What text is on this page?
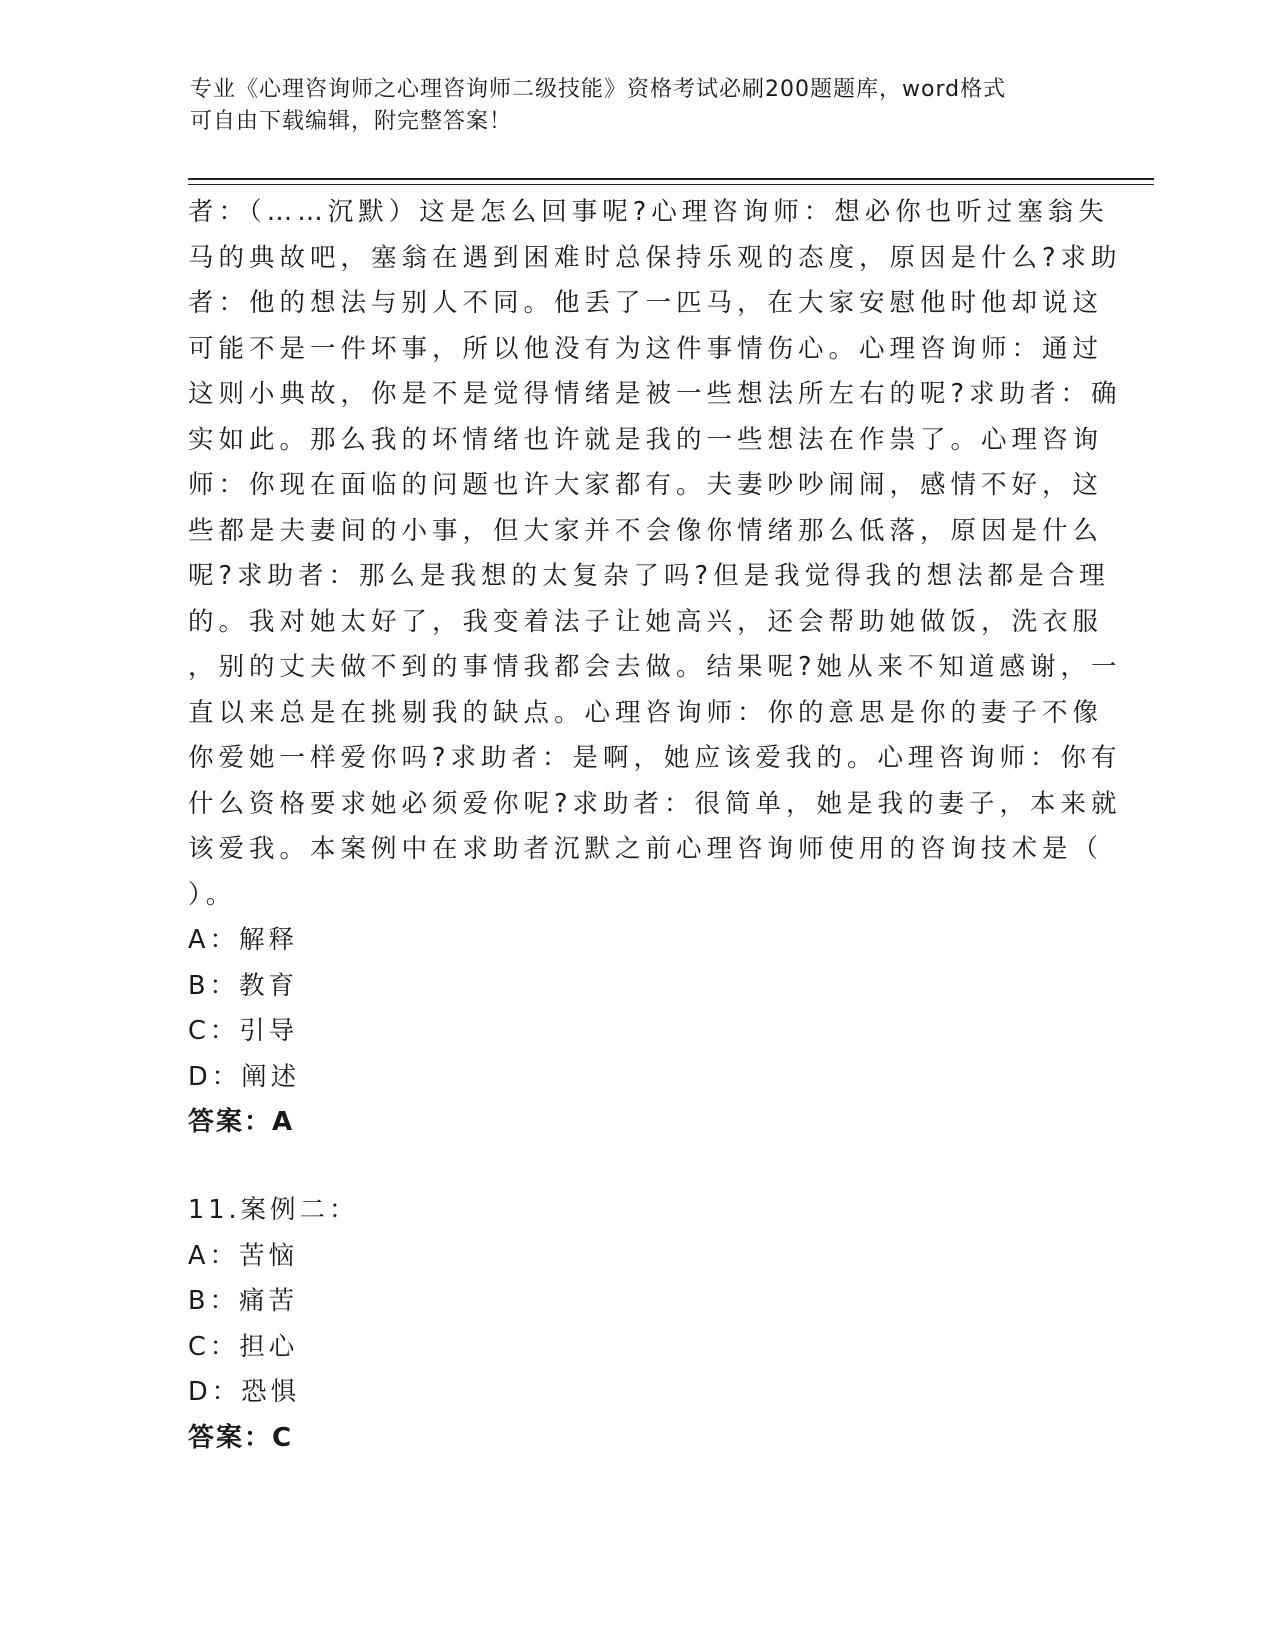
专业《心理咨询师之心理咨询师二级技能》资格考试必刷200题题库，word格式
可自由下载编辑，附完整答案！
者：（……沉默）这是怎么回事呢?心理咨询师：想必你也听过塞翁失
马的典故吧，塞翁在遇到困难时总保持乐观的态度，原因是什么?求助
者：他的想法与别人不同。他丢了一匹马，在大家安慰他时他却说这
可能不是一件坏事，所以他没有为这件事情伤心。心理咨询师：通过
这则小典故，你是不是觉得情绪是被一些想法所左右的呢?求助者：确
实如此。那么我的坏情绪也许就是我的一些想法在作祟了。心理咨询
师：你现在面临的问题也许大家都有。夫妻吵吵闹闹，感情不好，这
些都是夫妻间的小事，但大家并不会像你情绪那么低落，原因是什么
呢?求助者：那么是我想的太复杂了吗?但是我觉得我的想法都是合理
的。我对她太好了，我变着法子让她高兴，还会帮助她做饭，洗衣服
，别的丈夫做不到的事情我都会去做。结果呢?她从来不知道感谢，一
直以来总是在挑剔我的缺点。心理咨询师：你的意思是你的妻子不像
你爱她一样爱你吗?求助者：是啊，她应该爱我的。心理咨询师：你有
什么资格要求她必须爱你呢?求助者：很简单，她是我的妻子，本来就
该爱我。本案例中在求助者沉默之前心理咨询师使用的咨询技术是（
）。
A：解释
B：教育
C：引导
D：阐述
答案：A
11.案例二：
A：苦恼
B：痛苦
C：担心
D：恐惧
答案：C
